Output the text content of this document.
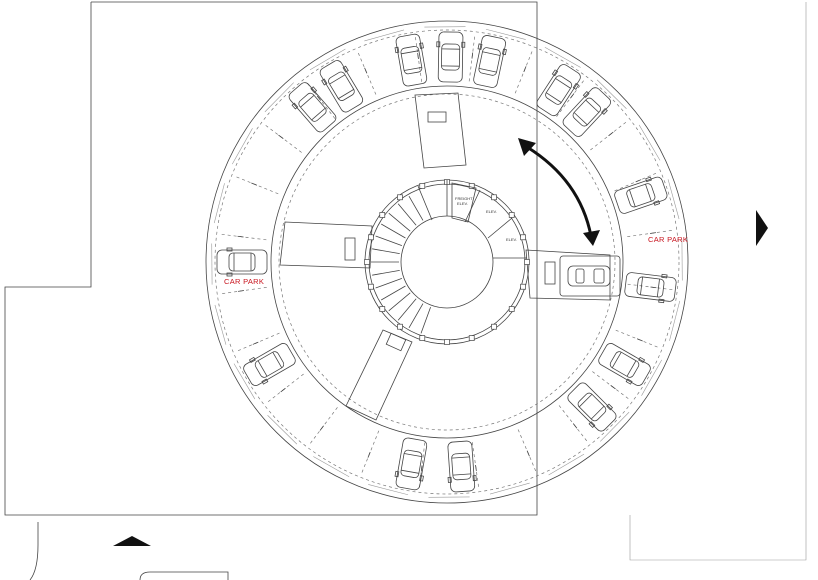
FREIGHT
ELEV.
ELEV.
ELEV.
CAR PARK
CAR PARK
